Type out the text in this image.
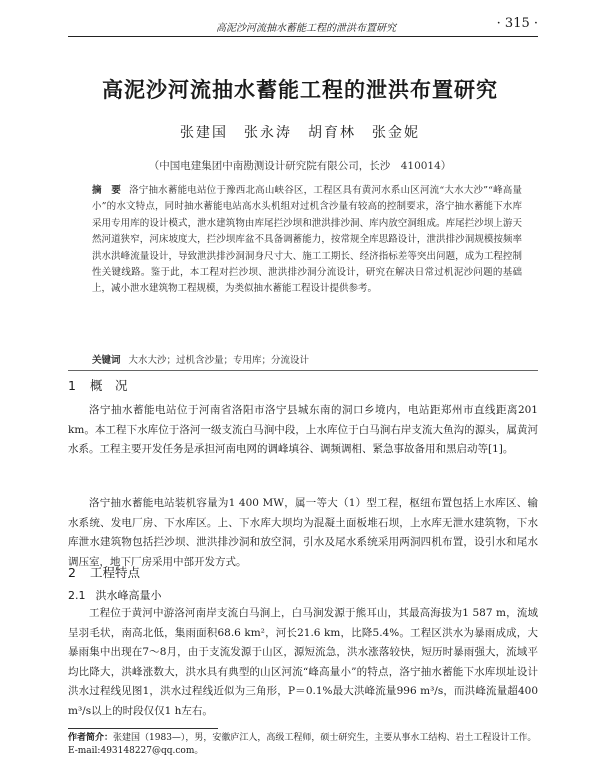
高泥沙河流抽水蓄能工程的泄洪布置研究	· 315 ·
高泥沙河流抽水蓄能工程的泄洪布置研究
张建国　张永涛　胡育林　张金妮
（中国电建集团中南勘测设计研究院有限公司，长沙　410014）
摘　要 洛宁抽水蓄能电站位于豫西北高山峡谷区，工程区具有黄河水系山区河流“大水大沙”“峰高量小”的水文特点，同时抽水蓄能电站高水头机组对过机含沙量有较高的控制要求，洛宁抽水蓄能下水库采用专用库的设计模式，泄水建筑物由库尾拦沙坝和泄洪排沙洞、库内放空洞组成。库尾拦沙坝上游天然河道狭窄，河床坡度大，拦沙坝库盆不具备调蓄能力，按常规全库思路设计，泄洪排沙洞规模按频率洪水洪峰流量设计，导致泄洪排沙洞洞身尺寸大、施工工期长、经济指标差等突出问题，成为工程控制性关键线路。鉴于此，本工程对拦沙坝、泄洪排沙洞分流设计，研究在解决日常过机泥沙问题的基础上，减小泄水建筑物工程规模，为类似抽水蓄能工程设计提供参考。
关键词 大水大沙；过机含沙量；专用库；分流设计
1 概　况
洛宁抽水蓄能电站位于河南省洛阳市洛宁县城东南的洞口乡境内，电站距郑州市直线距离201 km。本工程下水库位于洛河一级支流白马涧中段，上水库位于白马涧右岸支流大鱼沟的源头，属黄河水系。工程主要开发任务是承担河南电网的调峰填谷、调频调相、紧急事故备用和黑启动等[1]。
洛宁抽水蓄能电站装机容量为1 400 MW，属一等大（1）型工程，枢纽布置包括上水库区、输水系统、发电厂房、下水库区。上、下水库大坝均为混凝土面板堆石坝，上水库无泄水建筑物，下水库泄水建筑物包括拦沙坝、泄洪排沙洞和放空洞，引水及尾水系统采用两洞四机布置，设引水和尾水调压室，地下厂房采用中部开发方式。
2 工程特点
2.1 洪水峰高量小
工程位于黄河中游洛河南岸支流白马涧上，白马涧发源于熊耳山，其最高海拔为1 587 m，流域呈羽毛状，南高北低，集雨面积68.6 km²，河长21.6 km，比降5.4%。工程区洪水为暴雨成成，大暴雨集中出现在7～8月，由于支流发源于山区，源短流急，洪水涨落较快，短历时暴雨强大，流域平均比降大，洪峰涨数大，洪水具有典型的山区河流“峰高量小”的特点，洛宁抽水蓄能下水库坝址设计洪水过程线见图1，洪水过程线近似为三角形，P＝0.1%最大洪峰流量996 m³/s，而洪峰流量超400 m³/s以上的时段仅仅1 h左右。
作者简介：张建国（1983—），男，安徽庐江人，高级工程师，硕士研究生，主要从事水工结构、岩土工程设计工作。E-mail:493148227@qq.com。
